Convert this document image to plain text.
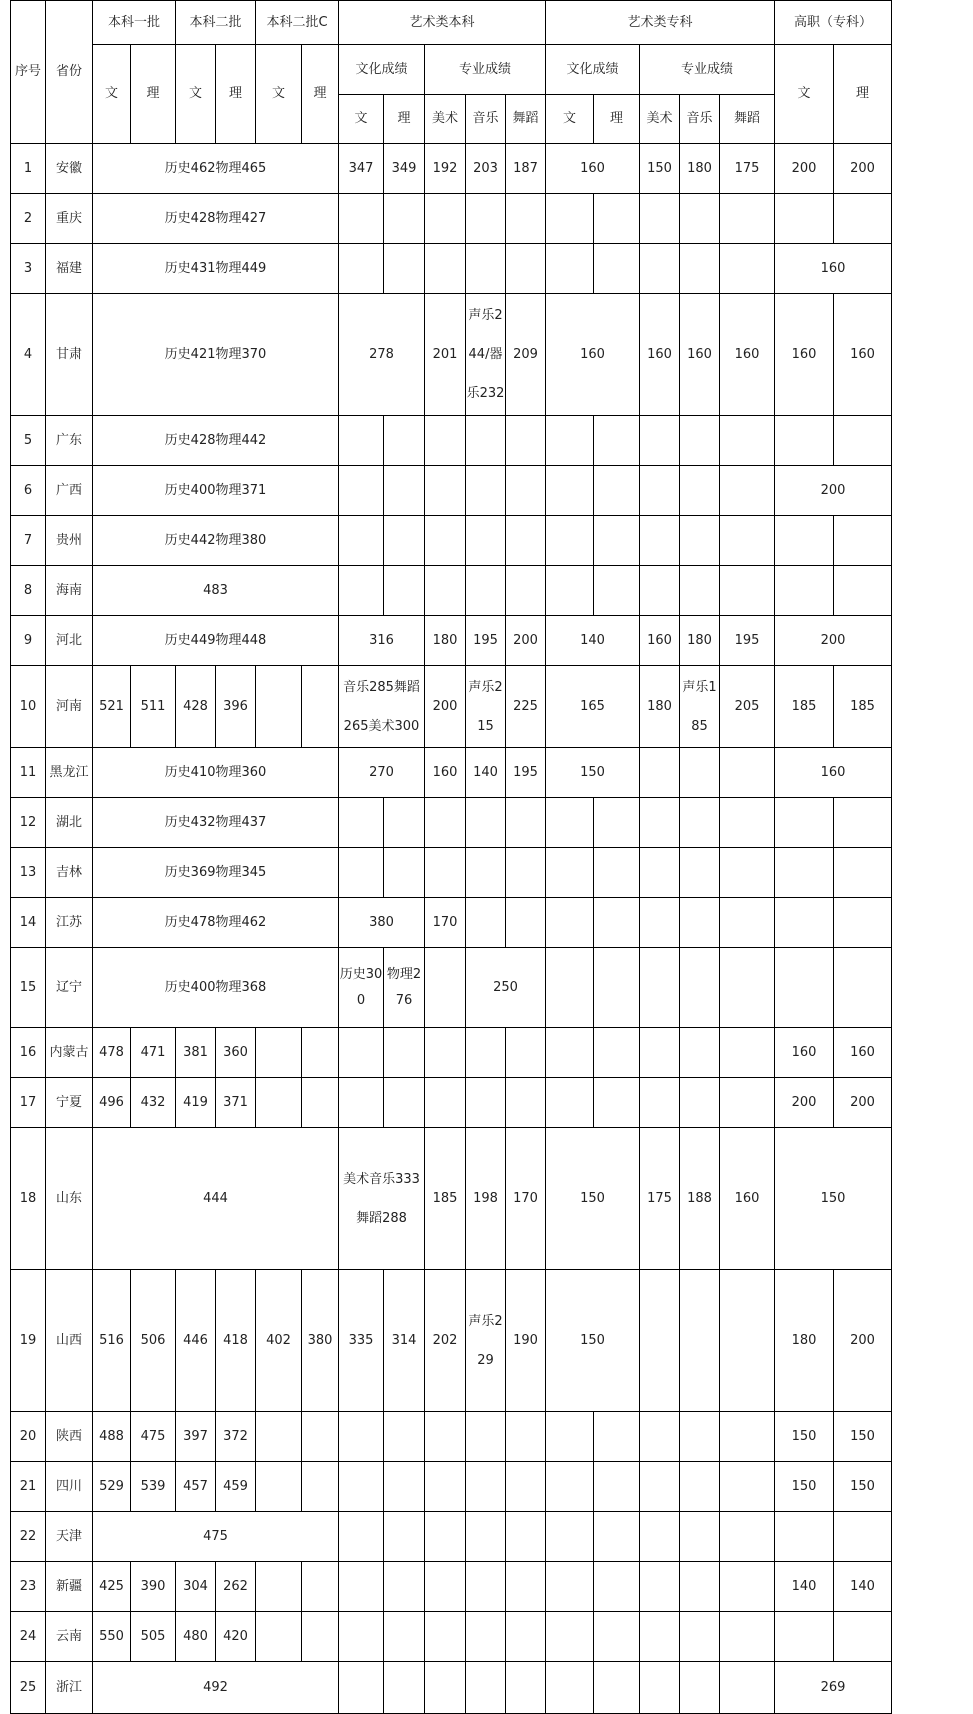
序号	省份	本科一批		本科二批		本科二批C		艺术类本科					艺术类专科					高职（专科）	
		文	理	文	理	文	理	文化成绩		专业成绩			文化成绩		专业成绩			文	理
								文	理	美术	音乐	舞蹈	文	理	美术	音乐	舞蹈		
1	安徽	历史462物理465						347	349	192	203	187	160		150	180	175	200	200
2	重庆	历史428物理427																	
3	福建	历史431物理449																160	
4	甘肃	历史421物理370						278		201	声乐244/器乐232	209	160		160	160	160	160	160
5	广东	历史428物理442																	
6	广西	历史400物理371																200	
7	贵州	历史442物理380																	
8	海南	483																	
9	河北	历史449物理448						316		180	195	200	140		160	180	195	200	
10	河南	521	511	428	396			音乐285舞蹈265美术300		200	声乐215	225	165		180	声乐185	205	185	185
11	黑龙江	历史410物理360						270		160	140	195	150					160	
12	湖北	历史432物理437																	
13	吉林	历史369物理345																	
14	江苏	历史478物理462						380		170									
15	辽宁	历史400物理368						历史300	物理276		250								
16	内蒙古	478	471	381	360													160	160
17	宁夏	496	432	419	371													200	200
18	山东	444						美术音乐333舞蹈288		185	198	170	150		175	188	160	150	
19	山西	516	506	446	418	402	380	335	314	202	声乐229	190	150					180	200
20	陕西	488	475	397	372													150	150
21	四川	529	539	457	459													150	150
22	天津	475																	
23	新疆	425	390	304	262													140	140
24	云南	550	505	480	420														
25	浙江	492																269	
